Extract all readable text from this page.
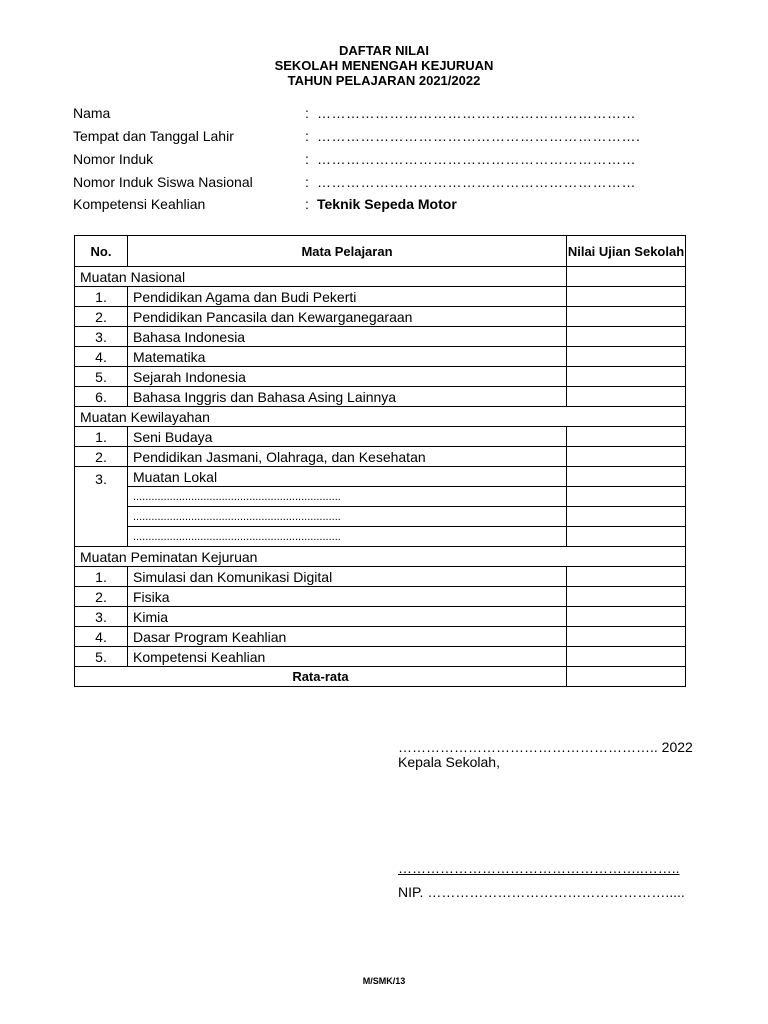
DAFTAR NILAI
SEKOLAH MENENGAH KEJURUAN
TAHUN PELAJARAN 2021/2022
Nama	: …………………………………………………………
Tempat dan Tanggal Lahir	: ………………………………………………………….
Nomor Induk	: …………………………………………………………
Nomor Induk Siswa Nasional	: …………………………………………………………
Kompetensi Keahlian	: Teknik Sepeda Motor
No.	Mata Pelajaran	Nilai Ujian Sekolah
Muatan Nasional		
1.	Pendidikan Agama dan Budi Pekerti	
2.	Pendidikan Pancasila dan Kewarganegaraan	
3.	Bahasa Indonesia	
4.	Matematika	
5.	Sejarah Indonesia	
6.	Bahasa Inggris dan Bahasa Asing Lainnya	
Muatan Kewilayahan		
1.	Seni Budaya	
2.	Pendidikan Jasmani, Olahraga, dan Kesehatan	
3.	Muatan Lokal	
	....................................................................	
	....................................................................	
	....................................................................	
Muatan Peminatan Kejuruan		
1.	Simulasi dan Komunikasi Digital	
2.	Fisika	
3.	Kimia	
4.	Dasar Program Keahlian	
5.	Kompetensi Keahlian	
Rata-rata		
……………………………………………….. 2022
Kepala Sekolah,
……………………………………………..……..
NIP. …………………………………………….....
M/SMK/13
